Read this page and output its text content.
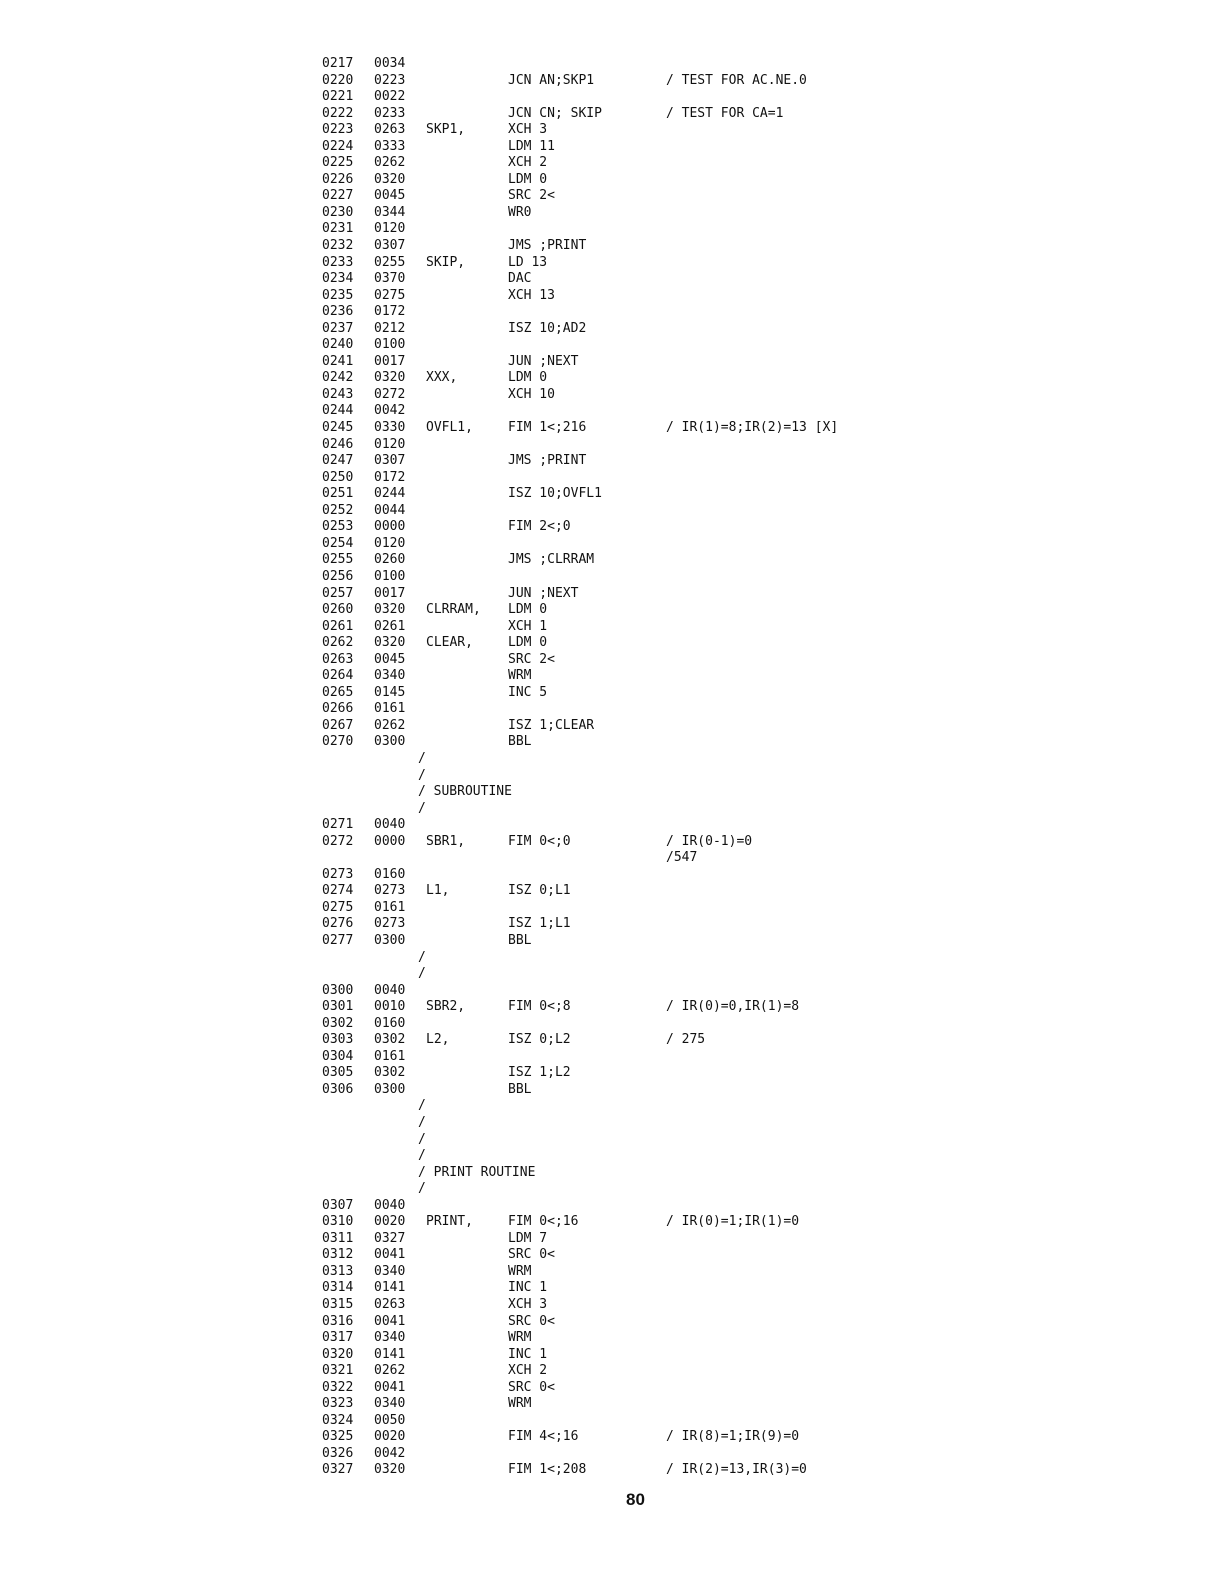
0217 0034
0220 0223	JCN AN;SKP1	/ TEST FOR AC.NE.0
0221 0022
0222 0233	JCN CN; SKIP	/ TEST FOR CA=1
0223 0263 SKP1,	XCH 3
0224 0333	LDM 11
0225 0262	XCH 2
0226 0320	LDM 0
0227 0045	SRC 2<
0230 0344	WR0
0231 0120
0232 0307	JMS ;PRINT
0233 0255 SKIP,	LD 13
0234 0370	DAC
0235 0275	XCH 13
0236 0172
0237 0212	ISZ 10;AD2
0240 0100
0241 0017	JUN ;NEXT
0242 0320 XXX,	LDM 0
0243 0272	XCH 10
0244 0042
0245 0330 OVFL1,	FIM 1<;216	/ IR(1)=8;IR(2)=13 [X]
0246 0120
0247 0307	JMS ;PRINT
0250 0172
0251 0244	ISZ 10;OVFL1
0252 0044
0253 0000	FIM 2<;0
0254 0120
0255 0260	JMS ;CLRRAM
0256 0100
0257 0017	JUN ;NEXT
0260 0320 CLRRAM, LDM 0
0261 0261	XCH 1
0262 0320 CLEAR,	LDM 0
0263 0045	SRC 2<
0264 0340	WRM
0265 0145	INC 5
0266 0161
0267 0262	ISZ 1;CLEAR
0270 0300	BBL
/
/
/ SUBROUTINE
/
0271 0040
0272 0000 SBR1,	FIM 0<;0	/ IR(0-1)=0
/547
0273 0160
0274 0273 L1,	ISZ 0;L1
0275 0161
0276 0273	ISZ 1;L1
0277 0300	BBL
/
/
0300 0040
0301 0010 SBR2,	FIM 0<;8	/ IR(0)=0,IR(1)=8
0302 0160
0303 0302 L2,	ISZ 0;L2	/ 275
0304 0161
0305 0302	ISZ 1;L2
0306 0300	BBL
/
/
/
/
/ PRINT ROUTINE
/
0307 0040
0310 0020 PRINT,	FIM 0<;16	/ IR(0)=1;IR(1)=0
0311 0327	LDM 7
0312 0041	SRC 0<
0313 0340	WRM
0314 0141	INC 1
0315 0263	XCH 3
0316 0041	SRC 0<
0317 0340	WRM
0320 0141	INC 1
0321 0262	XCH 2
0322 0041	SRC 0<
0323 0340	WRM
0324 0050
0325 0020	FIM 4<;16	/ IR(8)=1;IR(9)=0
0326 0042
0327 0320	FIM 1<;208	/ IR(2)=13,IR(3)=0
80
